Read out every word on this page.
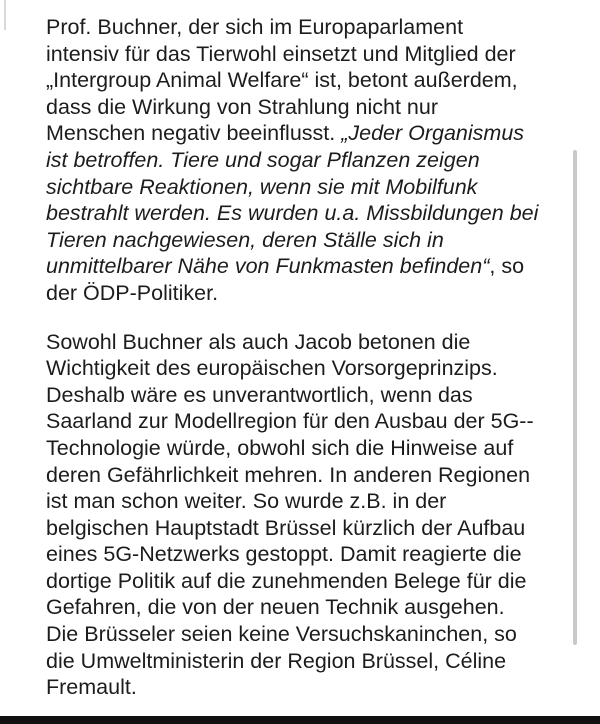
Prof. Buchner, der sich im Europaparlament
intensiv für das Tierwohl einsetzt und Mitglied der
„Intergroup Animal Welfare“ ist, betont außerdem,
dass die Wirkung von Strahlung nicht nur
Menschen negativ beeinflusst. „Jeder Organismus
ist betroffen. Tiere und sogar Pflanzen zeigen
sichtbare Reaktionen, wenn sie mit Mobilfunk
bestrahlt werden. Es wurden u.a. Missbildungen bei
Tieren nachgewiesen, deren Ställe sich in
unmittelbarer Nähe von Funkmasten befinden“, so
der ÖDP-Politiker.

Sowohl Buchner als auch Jacob betonen die
Wichtigkeit des europäischen Vorsorgeprinzips.
Deshalb wäre es unverantwortlich, wenn das
Saarland zur Modellregion für den Ausbau der 5G--
Technologie würde, obwohl sich die Hinweise auf
deren Gefährlichkeit mehren. In anderen Regionen
ist man schon weiter. So wurde z.B. in der
belgischen Hauptstadt Brüssel kürzlich der Aufbau
eines 5G-Netzwerks gestoppt. Damit reagierte die
dortige Politik auf die zunehmenden Belege für die
Gefahren, die von der neuen Technik ausgehen.
Die Brüsseler seien keine Versuchskaninchen, so
die Umweltministerin der Region Brüssel, Céline
Fremault.
